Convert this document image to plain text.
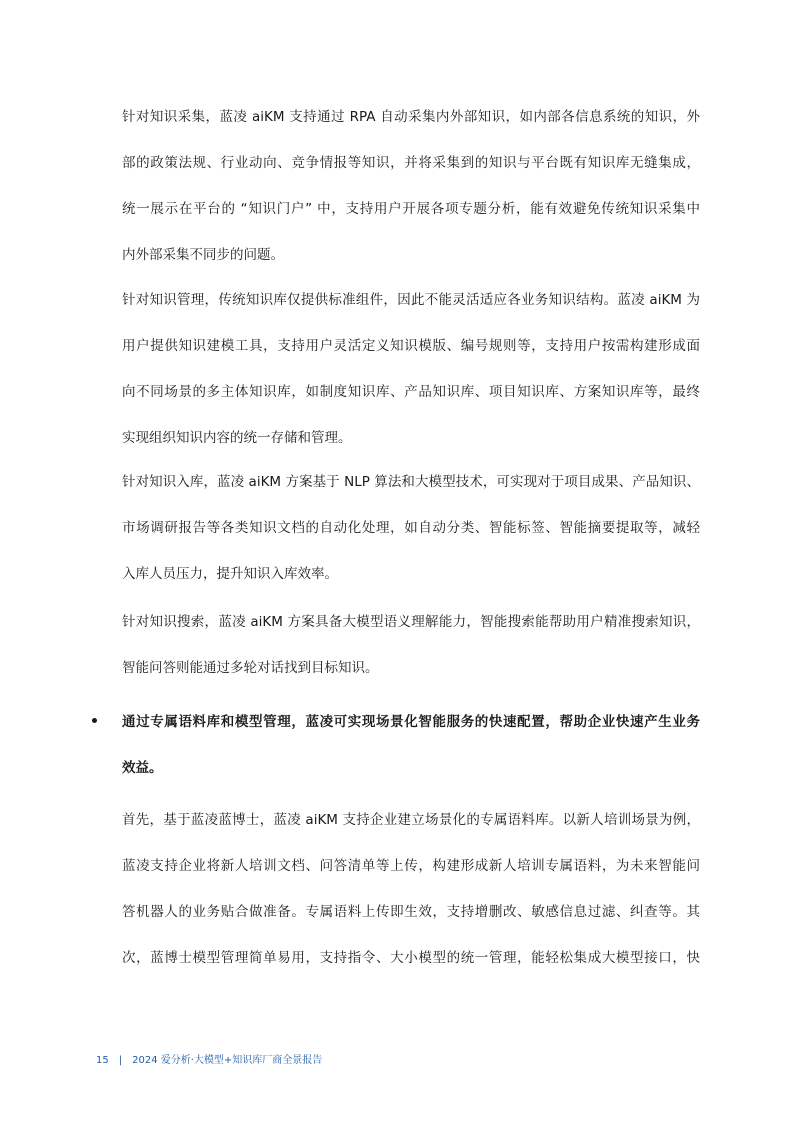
针对知识采集，蓝凌 aiKM 支持通过 RPA 自动采集内外部知识，如内部各信息系统的知识，外
部的政策法规、行业动向、竞争情报等知识，并将采集到的知识与平台既有知识库无缝集成，
统一展示在平台的 “知识门户” 中，支持用户开展各项专题分析，能有效避免传统知识采集中
内外部采集不同步的问题。
针对知识管理，传统知识库仅提供标准组件，因此不能灵活适应各业务知识结构。蓝凌 aiKM 为
用户提供知识建模工具，支持用户灵活定义知识模版、编号规则等，支持用户按需构建形成面
向不同场景的多主体知识库，如制度知识库、产品知识库、项目知识库、方案知识库等，最终
实现组织知识内容的统一存储和管理。
针对知识入库，蓝凌 aiKM 方案基于 NLP 算法和大模型技术，可实现对于项目成果、产品知识、
市场调研报告等各类知识文档的自动化处理，如自动分类、智能标签、智能摘要提取等，减轻
入库人员压力，提升知识入库效率。
针对知识搜索，蓝凌 aiKM 方案具备大模型语义理解能力，智能搜索能帮助用户精准搜索知识，
智能问答则能通过多轮对话找到目标知识。
通过专属语料库和模型管理，蓝凌可实现场景化智能服务的快速配置，帮助企业快速产生业务
效益。
首先，基于蓝凌蓝博士，蓝凌 aiKM 支持企业建立场景化的专属语料库。以新人培训场景为例，
蓝凌支持企业将新人培训文档、问答清单等上传，构建形成新人培训专属语料，为未来智能问
答机器人的业务贴合做准备。专属语料上传即生效，支持增删改、敏感信息过滤、纠查等。其
次，蓝博士模型管理简单易用，支持指令、大小模型的统一管理，能轻松集成大模型接口，快
15 | 2024 爱分析·大模型+知识库厂商全景报告
